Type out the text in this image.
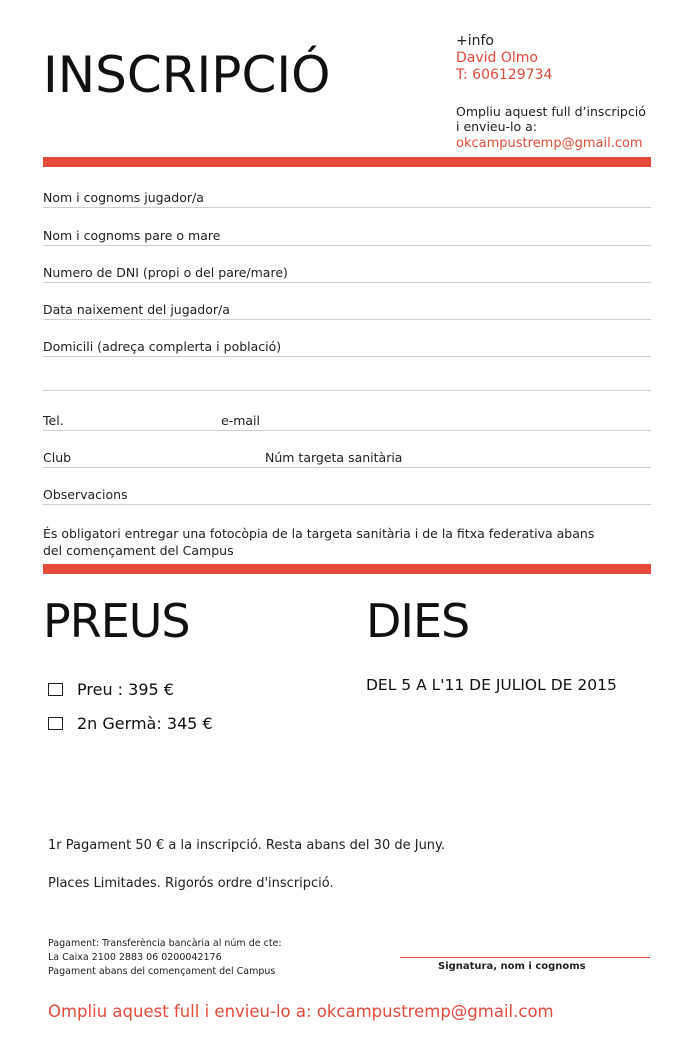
INSCRIPCIÓ
+info
David Olmo
T: 606129734
Ompliu aquest full d’inscripció
i envieu-lo a:
okcampustremp@gmail.com
Nom i cognoms jugador/a
Nom i cognoms pare o mare
Numero de DNI (propi o del pare/mare)
Data naixement del jugador/a
Domicili (adreça complerta i població)
Tel.	e-mail
Club	Núm targeta sanitària
Observacions
És obligatori entregar una fotocòpia de la targeta sanitària i de la fitxa federativa abans
del començament del Campus
PREUS	DIES
Preu : 395 €
2n Germà: 345 €
DEL 5 A L'11 DE JULIOL DE 2015
1r Pagament 50 € a la inscripció. Resta abans del 30 de Juny.
Places Limitades. Rigorós ordre d'inscripció.
Pagament: Transferència bancària al núm de cte:
La Caixa 2100 2883 06 0200042176
Pagament abans del començament del Campus	Signatura, nom i cognoms
Ompliu aquest full i envieu-lo a: okcampustremp@gmail.com
